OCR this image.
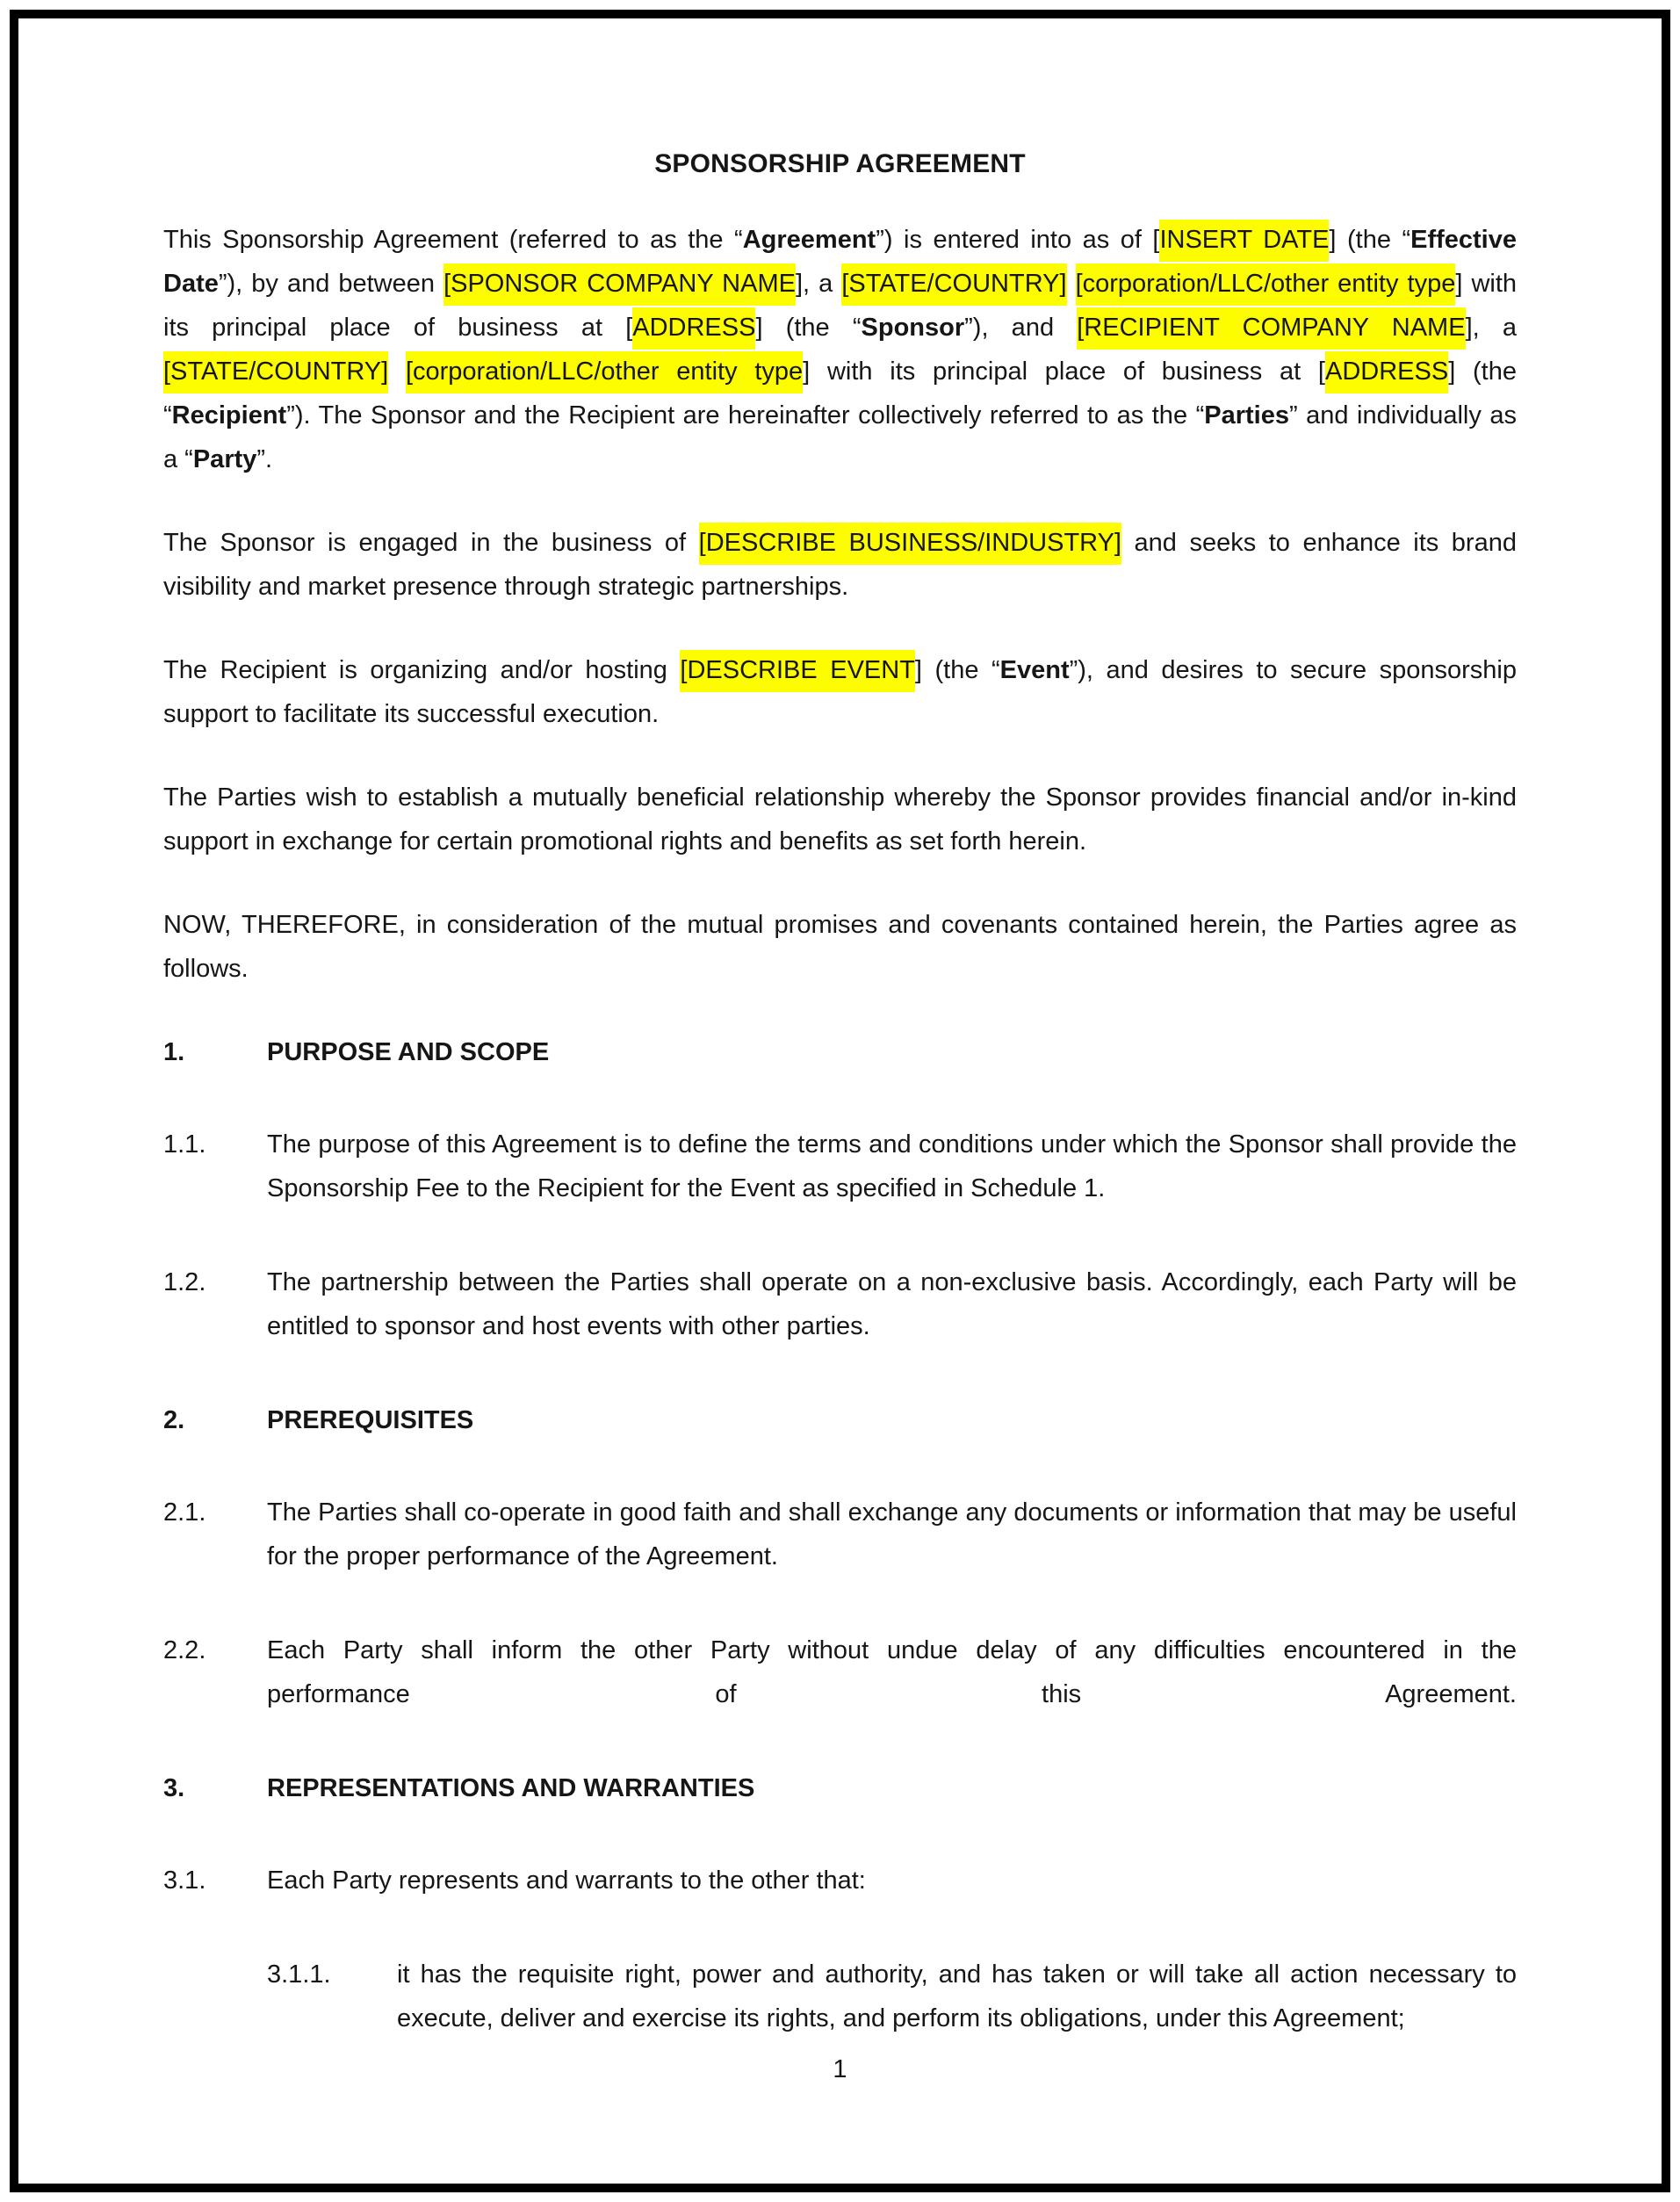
SPONSORSHIP AGREEMENT

This Sponsorship Agreement (referred to as the “Agreement”) is entered into as of [INSERT DATE] (the “Effective Date”), by and between [SPONSOR COMPANY NAME], a [STATE/COUNTRY] [corporation/LLC/other entity type] with its principal place of business at [ADDRESS] (the “Sponsor”), and [RECIPIENT COMPANY NAME], a [STATE/COUNTRY] [corporation/LLC/other entity type] with its principal place of business at [ADDRESS] (the “Recipient”). The Sponsor and the Recipient are hereinafter collectively referred to as the “Parties” and individually as a “Party”.

The Sponsor is engaged in the business of [DESCRIBE BUSINESS/INDUSTRY] and seeks to enhance its brand visibility and market presence through strategic partnerships.

The Recipient is organizing and/or hosting [DESCRIBE EVENT] (the “Event”), and desires to secure sponsorship support to facilitate its successful execution.

The Parties wish to establish a mutually beneficial relationship whereby the Sponsor provides financial and/or in-kind support in exchange for certain promotional rights and benefits as set forth herein.

NOW, THEREFORE, in consideration of the mutual promises and covenants contained herein, the Parties agree as follows.

1.	PURPOSE AND SCOPE
1.1.	The purpose of this Agreement is to define the terms and conditions under which the Sponsor shall provide the Sponsorship Fee to the Recipient for the Event as specified in Schedule 1.
1.2.	The partnership between the Parties shall operate on a non-exclusive basis. Accordingly, each Party will be entitled to sponsor and host events with other parties.
2.	PREREQUISITES
2.1.	The Parties shall co-operate in good faith and shall exchange any documents or information that may be useful for the proper performance of the Agreement.
2.2.	Each Party shall inform the other Party without undue delay of any difficulties encountered in the
performance of this Agreement.
3.	REPRESENTATIONS AND WARRANTIES
3.1.	Each Party represents and warrants to the other that:
3.1.1.	it has the requisite right, power and authority, and has taken or will take all action necessary to execute, deliver and exercise its rights, and perform its obligations, under this Agreement;
1
